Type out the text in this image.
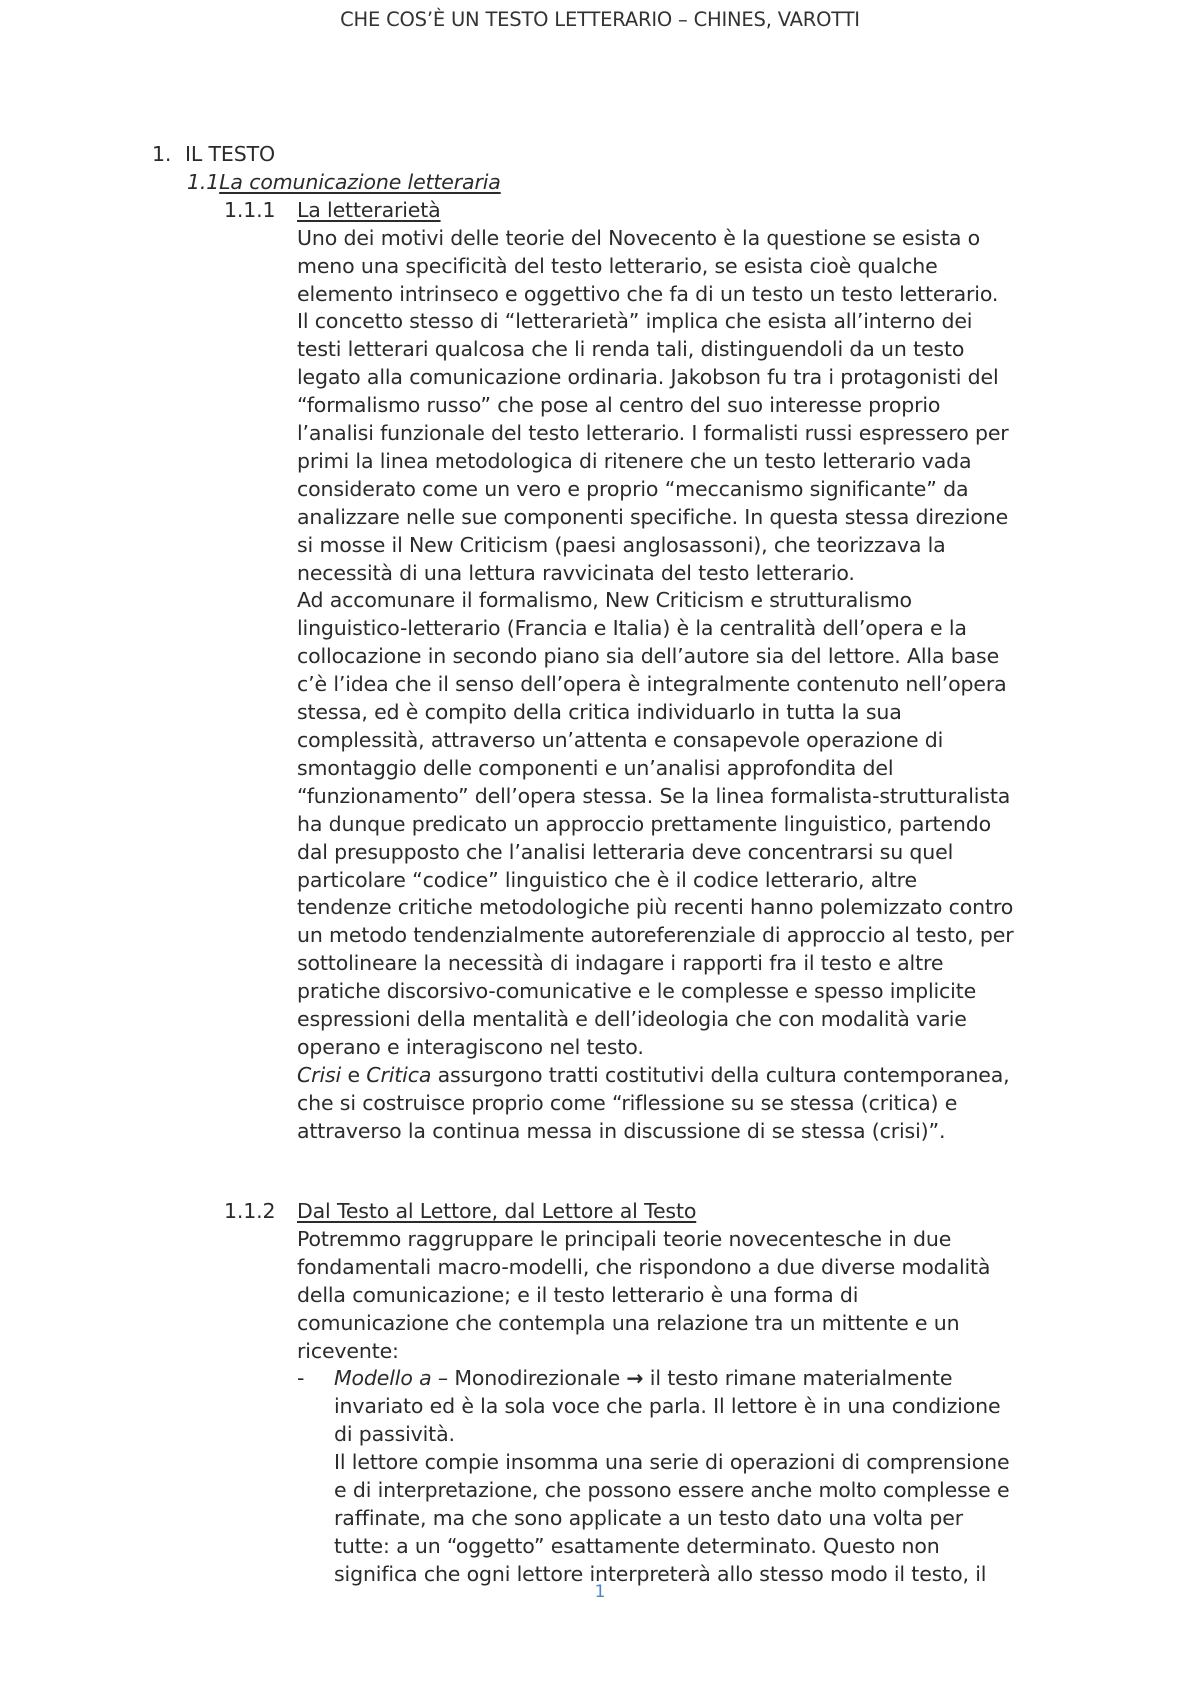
CHE COS’È UN TESTO LETTERARIO – CHINES, VAROTTI
1. IL TESTO
1.1La comunicazione letteraria
1.1.1 La letterarietà

Uno dei motivi delle teorie del Novecento è la questione se esista o

meno una specificità del testo letterario, se esista cioè qualche

elemento intrinseco e oggettivo che fa di un testo un testo letterario.

Il concetto stesso di “letterarietà” implica che esista all’interno dei

testi letterari qualcosa che li renda tali, distinguendoli da un testo

legato alla comunicazione ordinaria. Jakobson fu tra i protagonisti del

“formalismo russo” che pose al centro del suo interesse proprio

l’analisi funzionale del testo letterario. I formalisti russi espressero per

primi la linea metodologica di ritenere che un testo letterario vada

considerato come un vero e proprio “meccanismo significante” da

analizzare nelle sue componenti specifiche. In questa stessa direzione

si mosse il New Criticism (paesi anglosassoni), che teorizzava la

necessità di una lettura ravvicinata del testo letterario.

Ad accomunare il formalismo, New Criticism e strutturalismo

linguistico-letterario (Francia e Italia) è la centralità dell’opera e la

collocazione in secondo piano sia dell’autore sia del lettore. Alla base

c’è l’idea che il senso dell’opera è integralmente contenuto nell’opera

stessa, ed è compito della critica individuarlo in tutta la sua

complessità, attraverso un’attenta e consapevole operazione di

smontaggio delle componenti e un’analisi approfondita del

“funzionamento” dell’opera stessa. Se la linea formalista-strutturalista

ha dunque predicato un approccio prettamente linguistico, partendo

dal presupposto che l’analisi letteraria deve concentrarsi su quel

particolare “codice” linguistico che è il codice letterario, altre

tendenze critiche metodologiche più recenti hanno polemizzato contro

un metodo tendenzialmente autoreferenziale di approccio al testo, per

sottolineare la necessità di indagare i rapporti fra il testo e altre

pratiche discorsivo-comunicative e le complesse e spesso implicite

espressioni della mentalità e dell’ideologia che con modalità varie

operano e interagiscono nel testo.

Crisi e Critica assurgono tratti costitutivi della cultura contemporanea,

che si costruisce proprio come “riflessione su se stessa (critica) e

attraverso la continua messa in discussione di se stessa (crisi)”.

1.1.2 Dal Testo al Lettore, dal Lettore al Testo

Potremmo raggruppare le principali teorie novecentesche in due

fondamentali macro-modelli, che rispondono a due diverse modalità

della comunicazione; e il testo letterario è una forma di

comunicazione che contempla una relazione tra un mittente e un

ricevente:

- Modello a – Monodirezionale → il testo rimane materialmente

invariato ed è la sola voce che parla. Il lettore è in una condizione

di passività.

Il lettore compie insomma una serie di operazioni di comprensione

e di interpretazione, che possono essere anche molto complesse e

raffinate, ma che sono applicate a un testo dato una volta per

tutte: a un “oggetto” esattamente determinato. Questo non

significa che ogni lettore interpreterà allo stesso modo il testo, il

1
